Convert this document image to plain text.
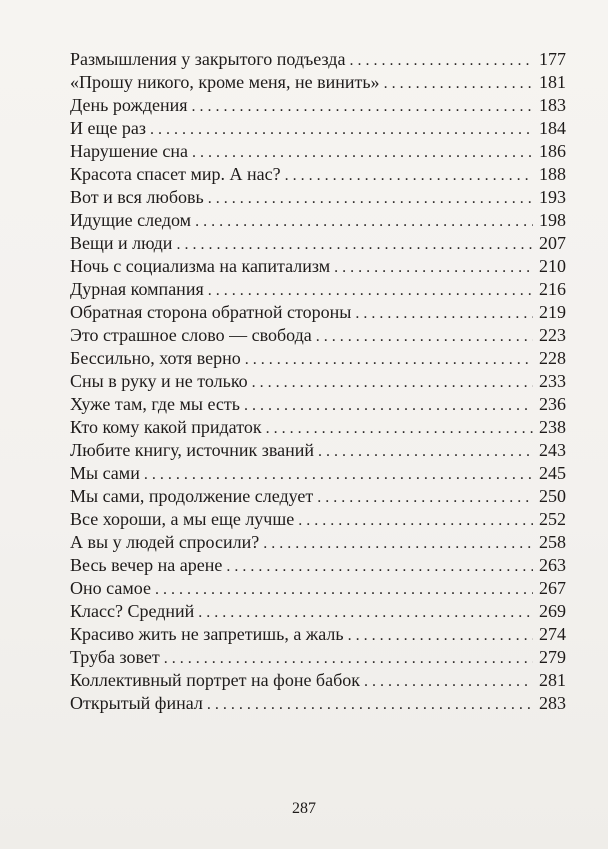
Размышления у закрытого подъезда . . .	177
«Прошу никого, кроме меня, не винить» . . .	181
День рождения . . .	183
И еще раз . . .	184
Нарушение сна . . .	186
Красота спасет мир. А нас? . . .	188
Вот и вся любовь . . .	193
Идущие следом . . .	198
Вещи и люди . . .	207
Ночь с социализма на капитализм . . .	210
Дурная компания . . .	216
Обратная сторона обратной стороны . . .	219
Это страшное слово — свобода . . .	223
Бессильно, хотя верно . . .	228
Сны в руку и не только . . .	233
Хуже там, где мы есть . . .	236
Кто кому какой придаток . . .	238
Любите книгу, источник званий . . .	243
Мы сами . . .	245
Мы сами, продолжение следует . . .	250
Все хороши, а мы еще лучше . . .	252
А вы у людей спросили? . . .	258
Весь вечер на арене . . .	263
Оно самое . . .	267
Класс? Средний . . .	269
Красиво жить не запретишь, а жаль . . .	274
Труба зовет . . .	279
Коллективный портрет на фоне бабок . . .	281
Открытый финал . . .	283
287
